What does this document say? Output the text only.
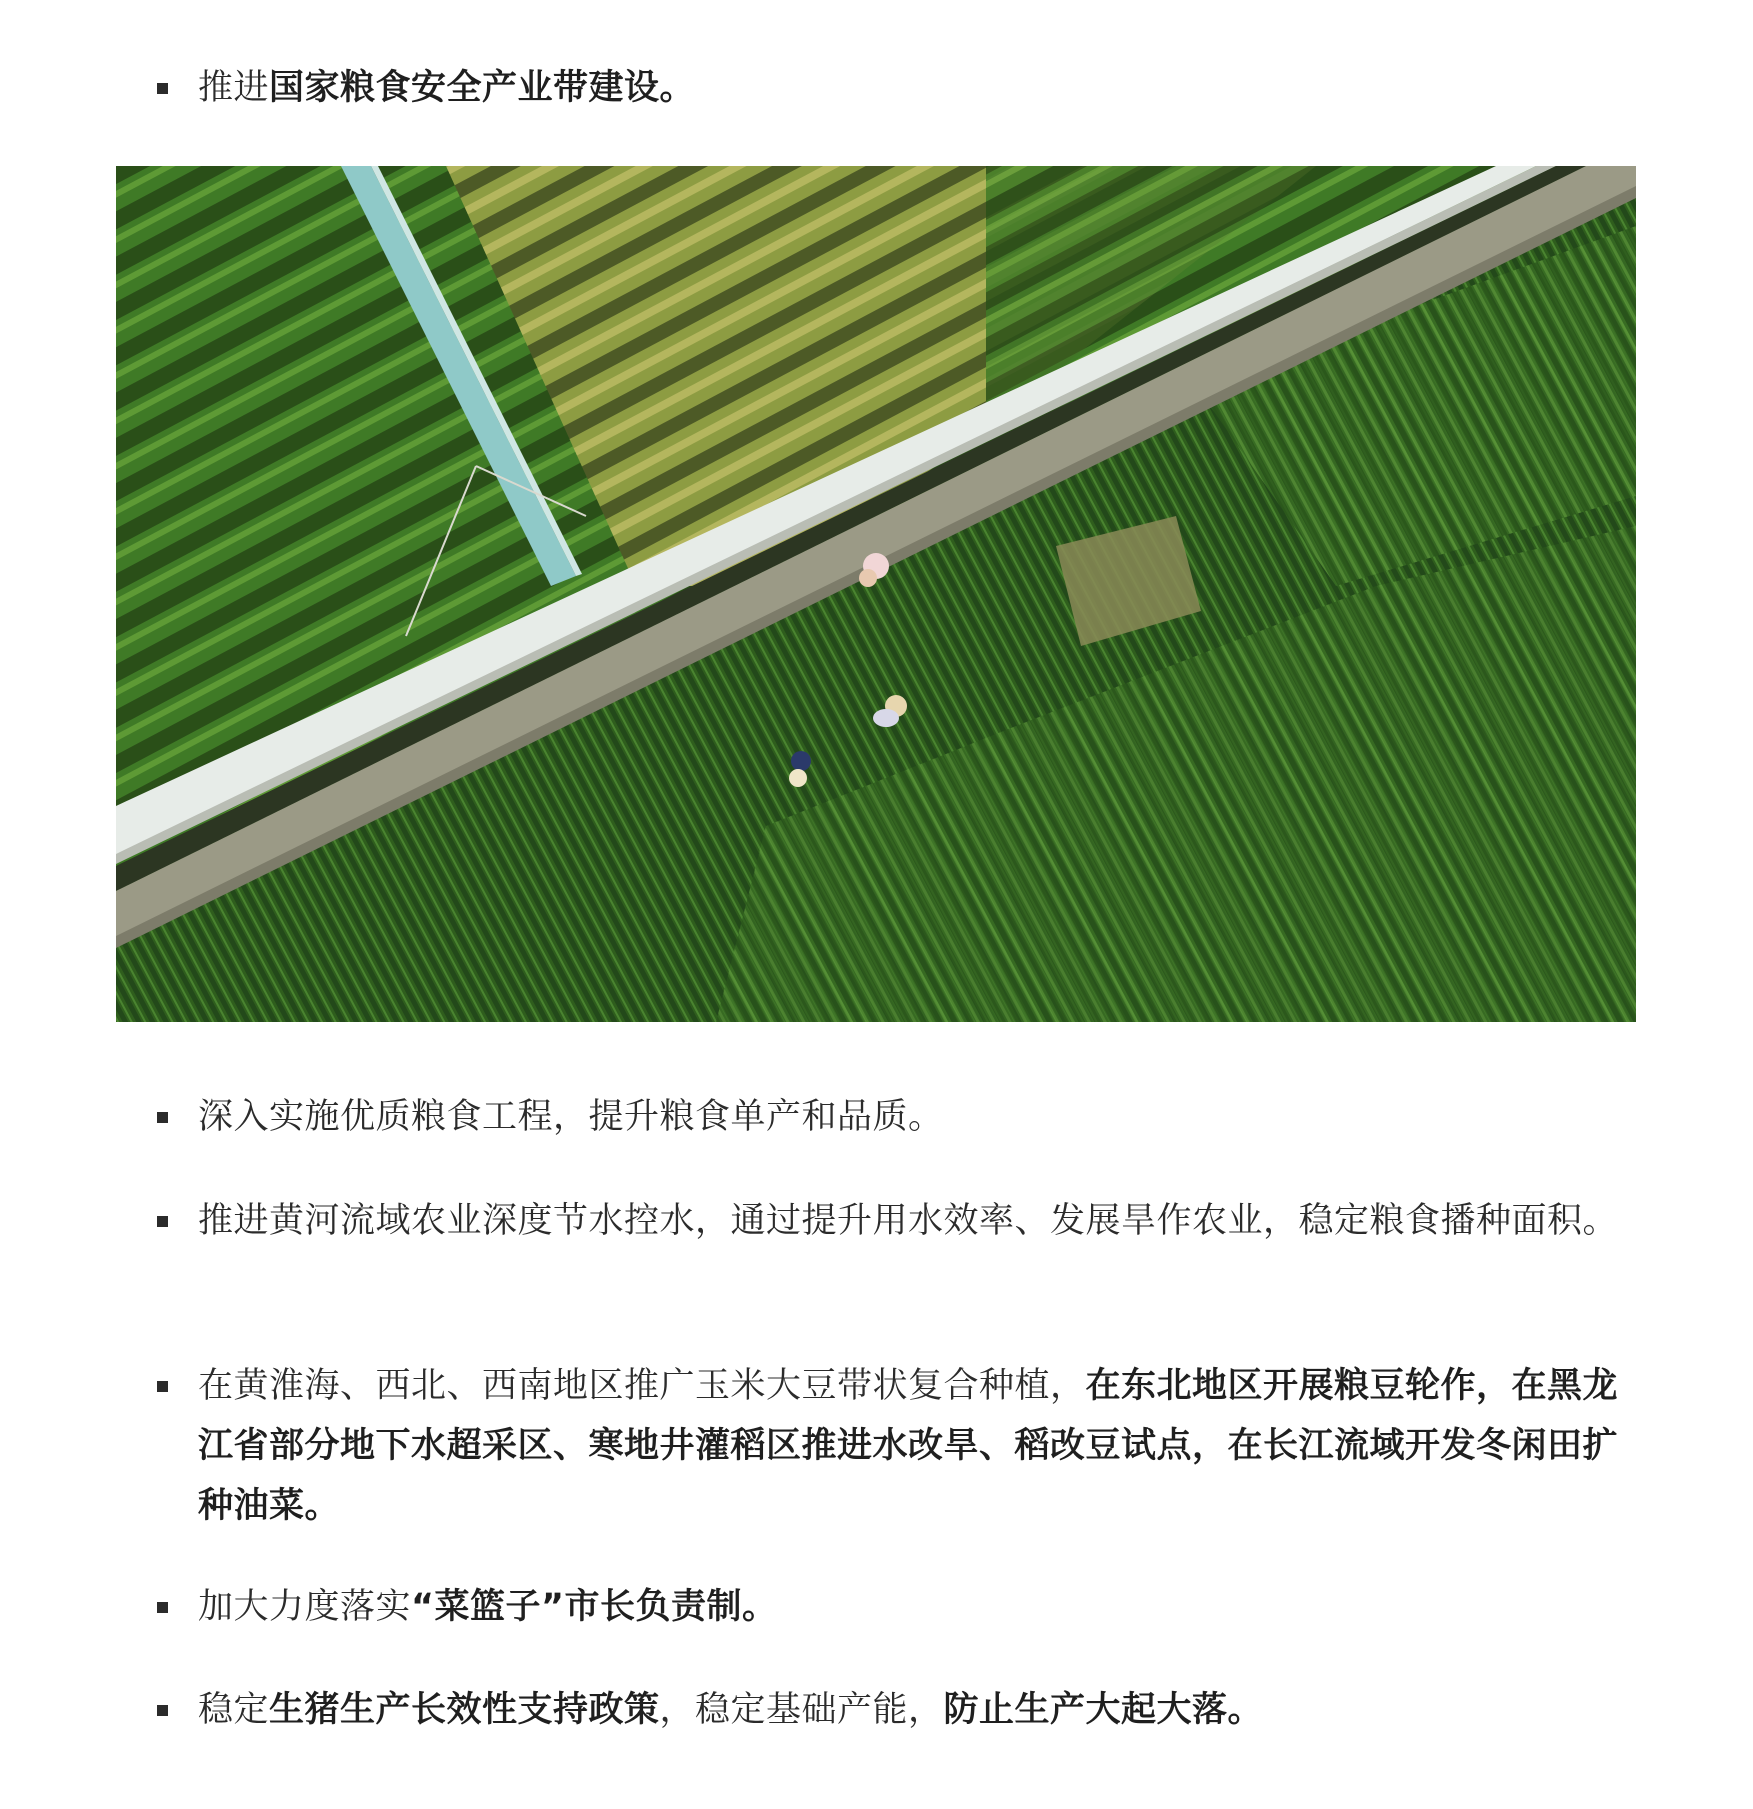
推进国家粮食安全产业带建设。
深入实施优质粮食工程，提升粮食单产和品质。
推进黄河流域农业深度节水控水，通过提升用水效率、发展旱作农业，稳定粮食播种面积。
在黄淮海、西北、西南地区推广玉米大豆带状复合种植，在东北地区开展粮豆轮作，在黑龙江省部分地下水超采区、寒地井灌稻区推进水改旱、稻改豆试点，在长江流域开发冬闲田扩种油菜。
加大力度落实“菜篮子”市长负责制。
稳定生猪生产长效性支持政策，稳定基础产能，防止生产大起大落。
